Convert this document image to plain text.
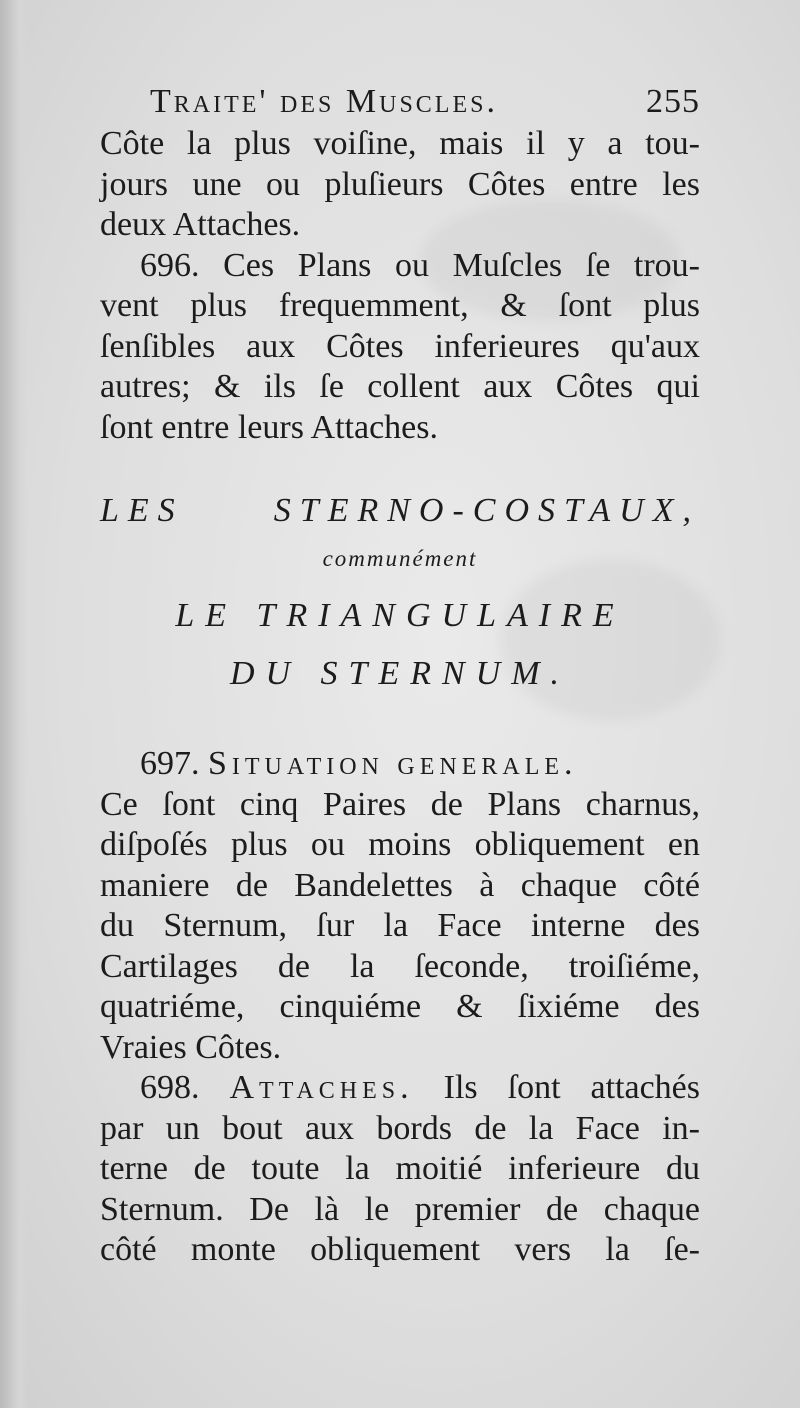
Traite' des Muscles.	255
Côte la plus voiſine, mais il y a tou-
jours une ou pluſieurs Côtes entre les
deux Attaches.
696. Ces Plans ou Muſcles ſe trou-
vent plus frequemment, & ſont plus
ſenſibles aux Côtes inferieures qu'aux
autres; & ils ſe collent aux Côtes qui
ſont entre leurs Attaches.
LES STERNO-COSTAUX,
communément
LE TRIANGULAIRE
DU STERNUM.
697. Situation generale.
Ce ſont cinq Paires de Plans charnus,
diſpoſés plus ou moins obliquement en
maniere de Bandelettes à chaque côté
du Sternum, ſur la Face interne des
Cartilages de la ſeconde, troiſiéme,
quatriéme, cinquiéme & ſixiéme des
Vraies Côtes.
698. Attaches. Ils ſont attachés
par un bout aux bords de la Face in-
terne de toute la moitié inferieure du
Sternum. De là le premier de chaque
côté monte obliquement vers la ſe-
